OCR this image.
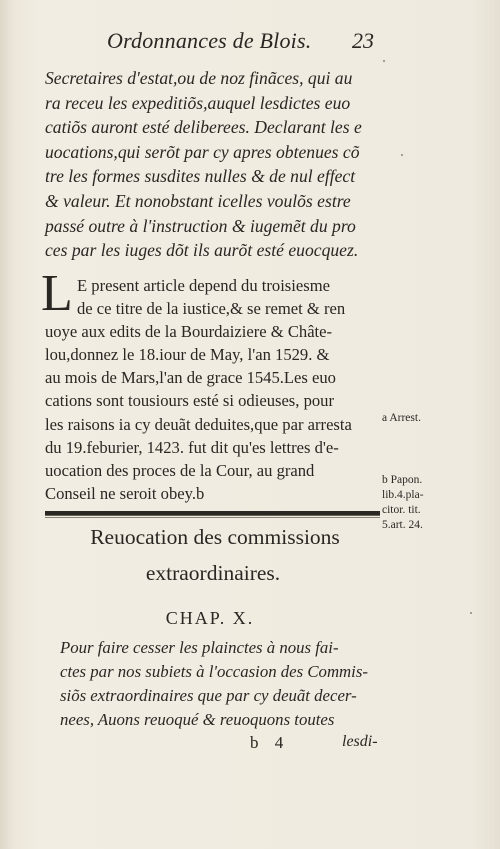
Ordonnances de Blois. 23
Secretaires d'estat,ou de noz finãces, qui au
ra receu les expeditiõs,auquel lesdictes euo
catiõs auront esté deliberees. Declarant les e
uocations,qui serõt par cy apres obtenues cõ
tre les formes susdites nulles & de nul effect
& valeur. Et nonobstant icelles voulõs estre
passé outre à l'instruction & iugemẽt du pro
ces par les iuges dõt ils aurõt esté euocquez.
L E present article depend du troisiesme
de ce titre de la iustice,& se remet & ren
uoye aux edits de la Bourdaiziere & Châte-
lou,donnez le 18.iour de May, l'an 1529. &
au mois de Mars,l'an de grace 1545.Les euo
cations sont tousiours esté si odieuses, pour
les raisons ia cy deuãt deduites,que par arresta
du 19.feburier, 1423. fut dit qu'es lettres d'e-
uocation des proces de la Cour, au grand
Conseil ne seroit obey.b
a Arrest.
b Papon.
lib.4.pla-
citor. tit.
5.art. 24.
Reuocation des commissions
extraordinaires.
CHAP. X.
Pour faire cesser les plainctes à nous fai-
ctes par nos subiets à l'occasion des Commis-
siõs extraordinaires que par cy deuãt decer-
nees, Auons reuoqué & reuoquons toutes
b 4	lesdi-
